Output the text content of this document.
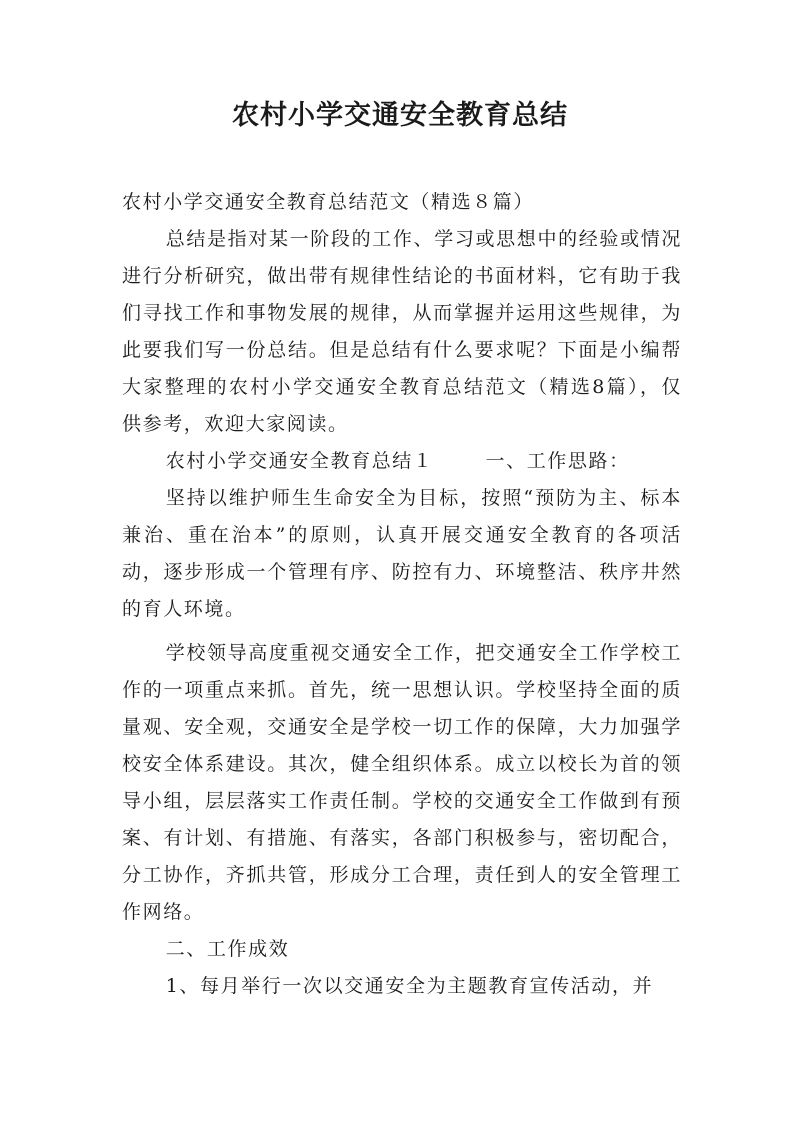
农村小学交通安全教育总结

农村小学交通安全教育总结范文（精选８篇）

总结是指对某一阶段的工作、学习或思想中的经验或情况进行分析研究，做出带有规律性结论的书面材料，它有助于我们寻找工作和事物发展的规律，从而掌握并运用这些规律，为此要我们写一份总结。但是总结有什么要求呢？下面是小编帮大家整理的农村小学交通安全教育总结范文（精选8篇），仅供参考，欢迎大家阅读。

农村小学交通安全教育总结１	一、工作思路：

坚持以维护师生生命安全为目标，按照“预防为主、标本兼治、重在治本”的原则，认真开展交通安全教育的各项活动，逐步形成一个管理有序、防控有力、环境整洁、秩序井然的育人环境。

学校领导高度重视交通安全工作，把交通安全工作学校工作的一项重点来抓。首先，统一思想认识。学校坚持全面的质量观、安全观，交通安全是学校一切工作的保障，大力加强学校安全体系建设。其次，健全组织体系。成立以校长为首的领导小组，层层落实工作责任制。学校的交通安全工作做到有预案、有计划、有措施、有落实，各部门积极参与，密切配合，分工协作，齐抓共管，形成分工合理，责任到人的安全管理工作网络。

二、工作成效

1、每月举行一次以交通安全为主题教育宣传活动，并
